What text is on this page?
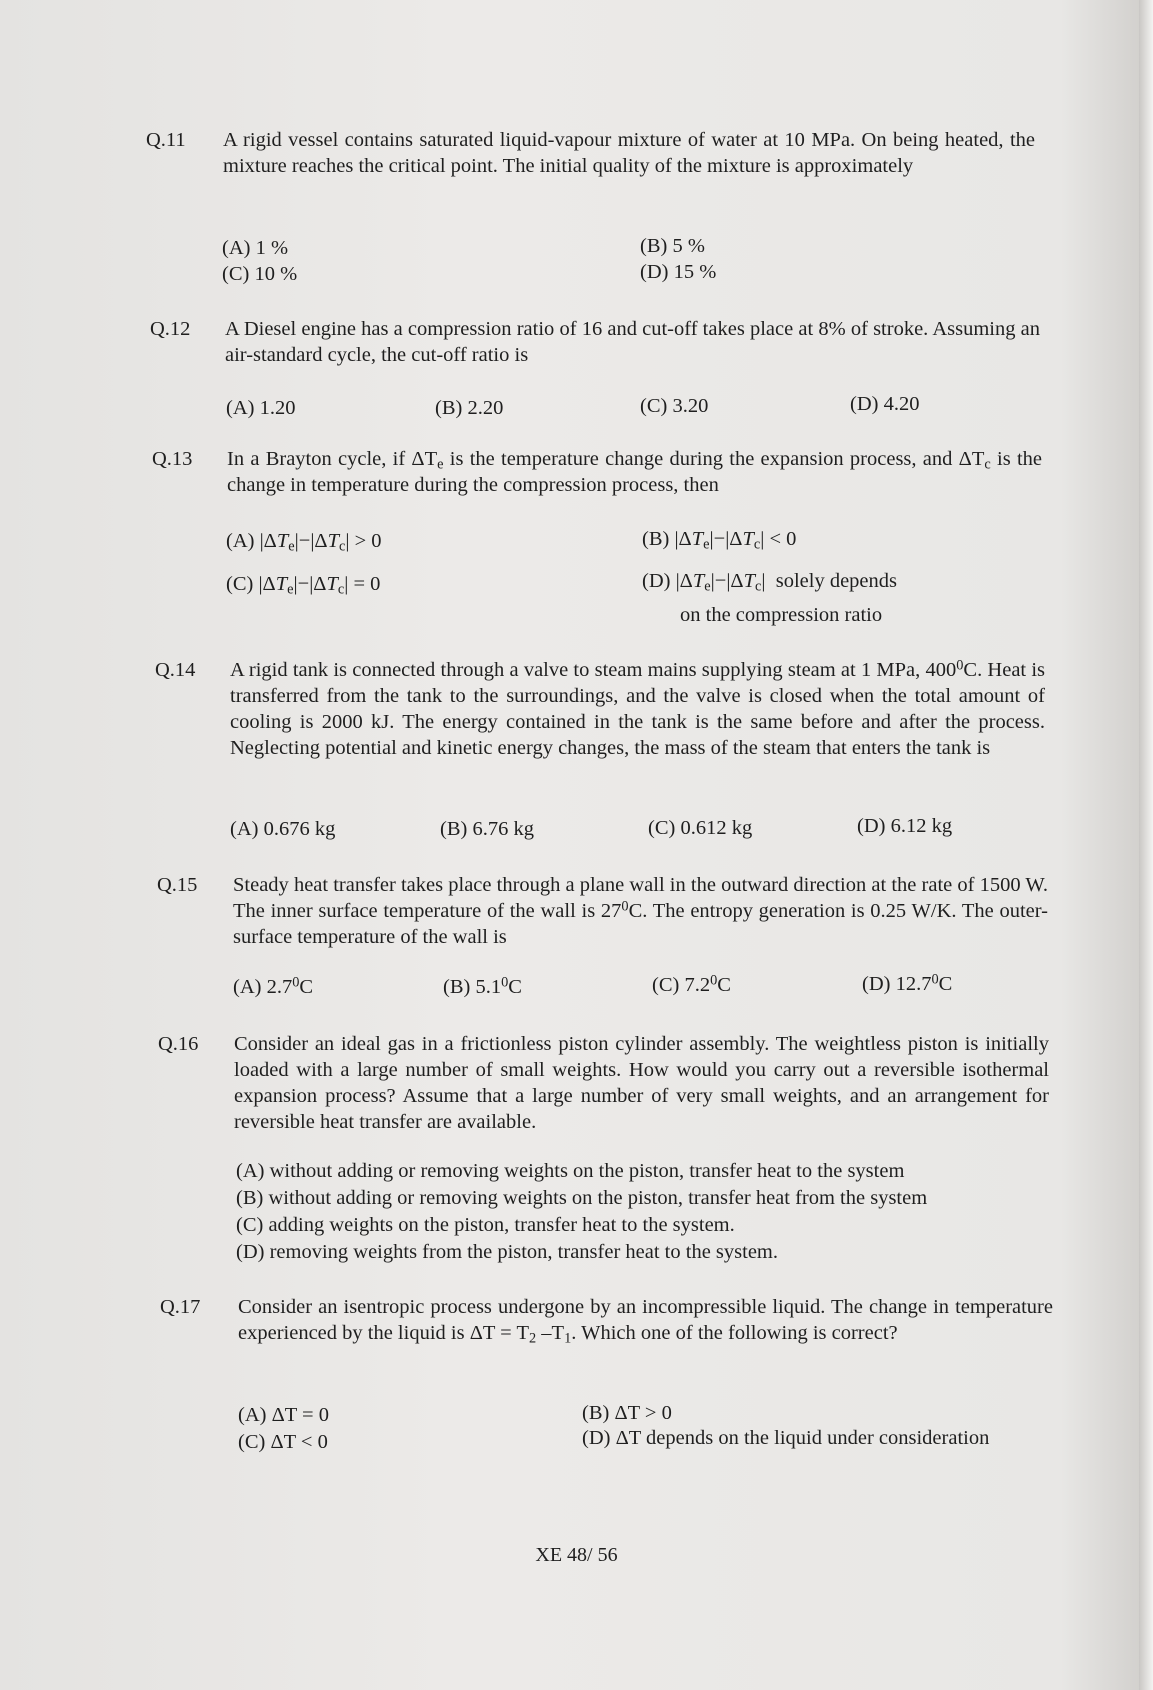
Q.11	A rigid vessel contains saturated liquid-vapour mixture of water at 10 MPa. On being heated, the mixture reaches the critical point. The initial quality of the mixture is approximately
(A) 1 %	(B) 5 %
(C) 10 %	(D) 15 %
Q.12	A Diesel engine has a compression ratio of 16 and cut-off takes place at 8% of stroke. Assuming an air-standard cycle, the cut-off ratio is
(A) 1.20	(B) 2.20	(C) 3.20	(D) 4.20
Q.13	In a Brayton cycle, if $\Delta T_e$ is the temperature change during the expansion process, and $\Delta T_c$ is the change in temperature during the compression process, then
(A) $|\Delta T_e|-|\Delta T_c| > 0$	(B) $|\Delta T_e|-|\Delta T_c| < 0$
(C) $|\Delta T_e|-|\Delta T_c| = 0$	(D) $|\Delta T_e|-|\Delta T_c|$  solely depends
on the compression ratio
Q.14	A rigid tank is connected through a valve to steam mains supplying steam at 1 MPa, $400^0C$. Heat is transferred from the tank to the surroundings, and the valve is closed when the total amount of cooling is 2000 kJ. The energy contained in the tank is the same before and after the process. Neglecting potential and kinetic energy changes, the mass of the steam that enters the tank is
(A) 0.676 kg	(B) 6.76 kg	(C) 0.612 kg	(D) 6.12 kg
Q.15	Steady heat transfer takes place through a plane wall in the outward direction at the rate of 1500 W. The inner surface temperature of the wall is $27^0C$. The entropy generation is 0.25 W/K. The outer-surface temperature of the wall is
(A) $2.7^0C$	(B) $5.1^0C$	(C) $7.2^0C$	(D) 12.7$^0$C
Q.16	Consider an ideal gas in a frictionless piston cylinder assembly. The weightless piston is initially loaded with a large number of small weights. How would you carry out a reversible isothermal expansion process? Assume that a large number of very small weights, and an arrangement for reversible heat transfer are available.
(A) without adding or removing weights on the piston, transfer heat to the system
(B) without adding or removing weights on the piston, transfer heat from the system
(C) adding weights on the piston, transfer heat to the system.
(D) removing weights from the piston, transfer heat to the system.
Q.17	Consider an isentropic process undergone by an incompressible liquid. The change in temperature experienced by the liquid is $\Delta T = T_2$ $-T_1$. Which one of the following is correct?
(A) ΔT = 0	(B) ΔT > 0
(C) ΔT < 0	(D) ΔT depends on the liquid under consideration
XE 48/ 56
